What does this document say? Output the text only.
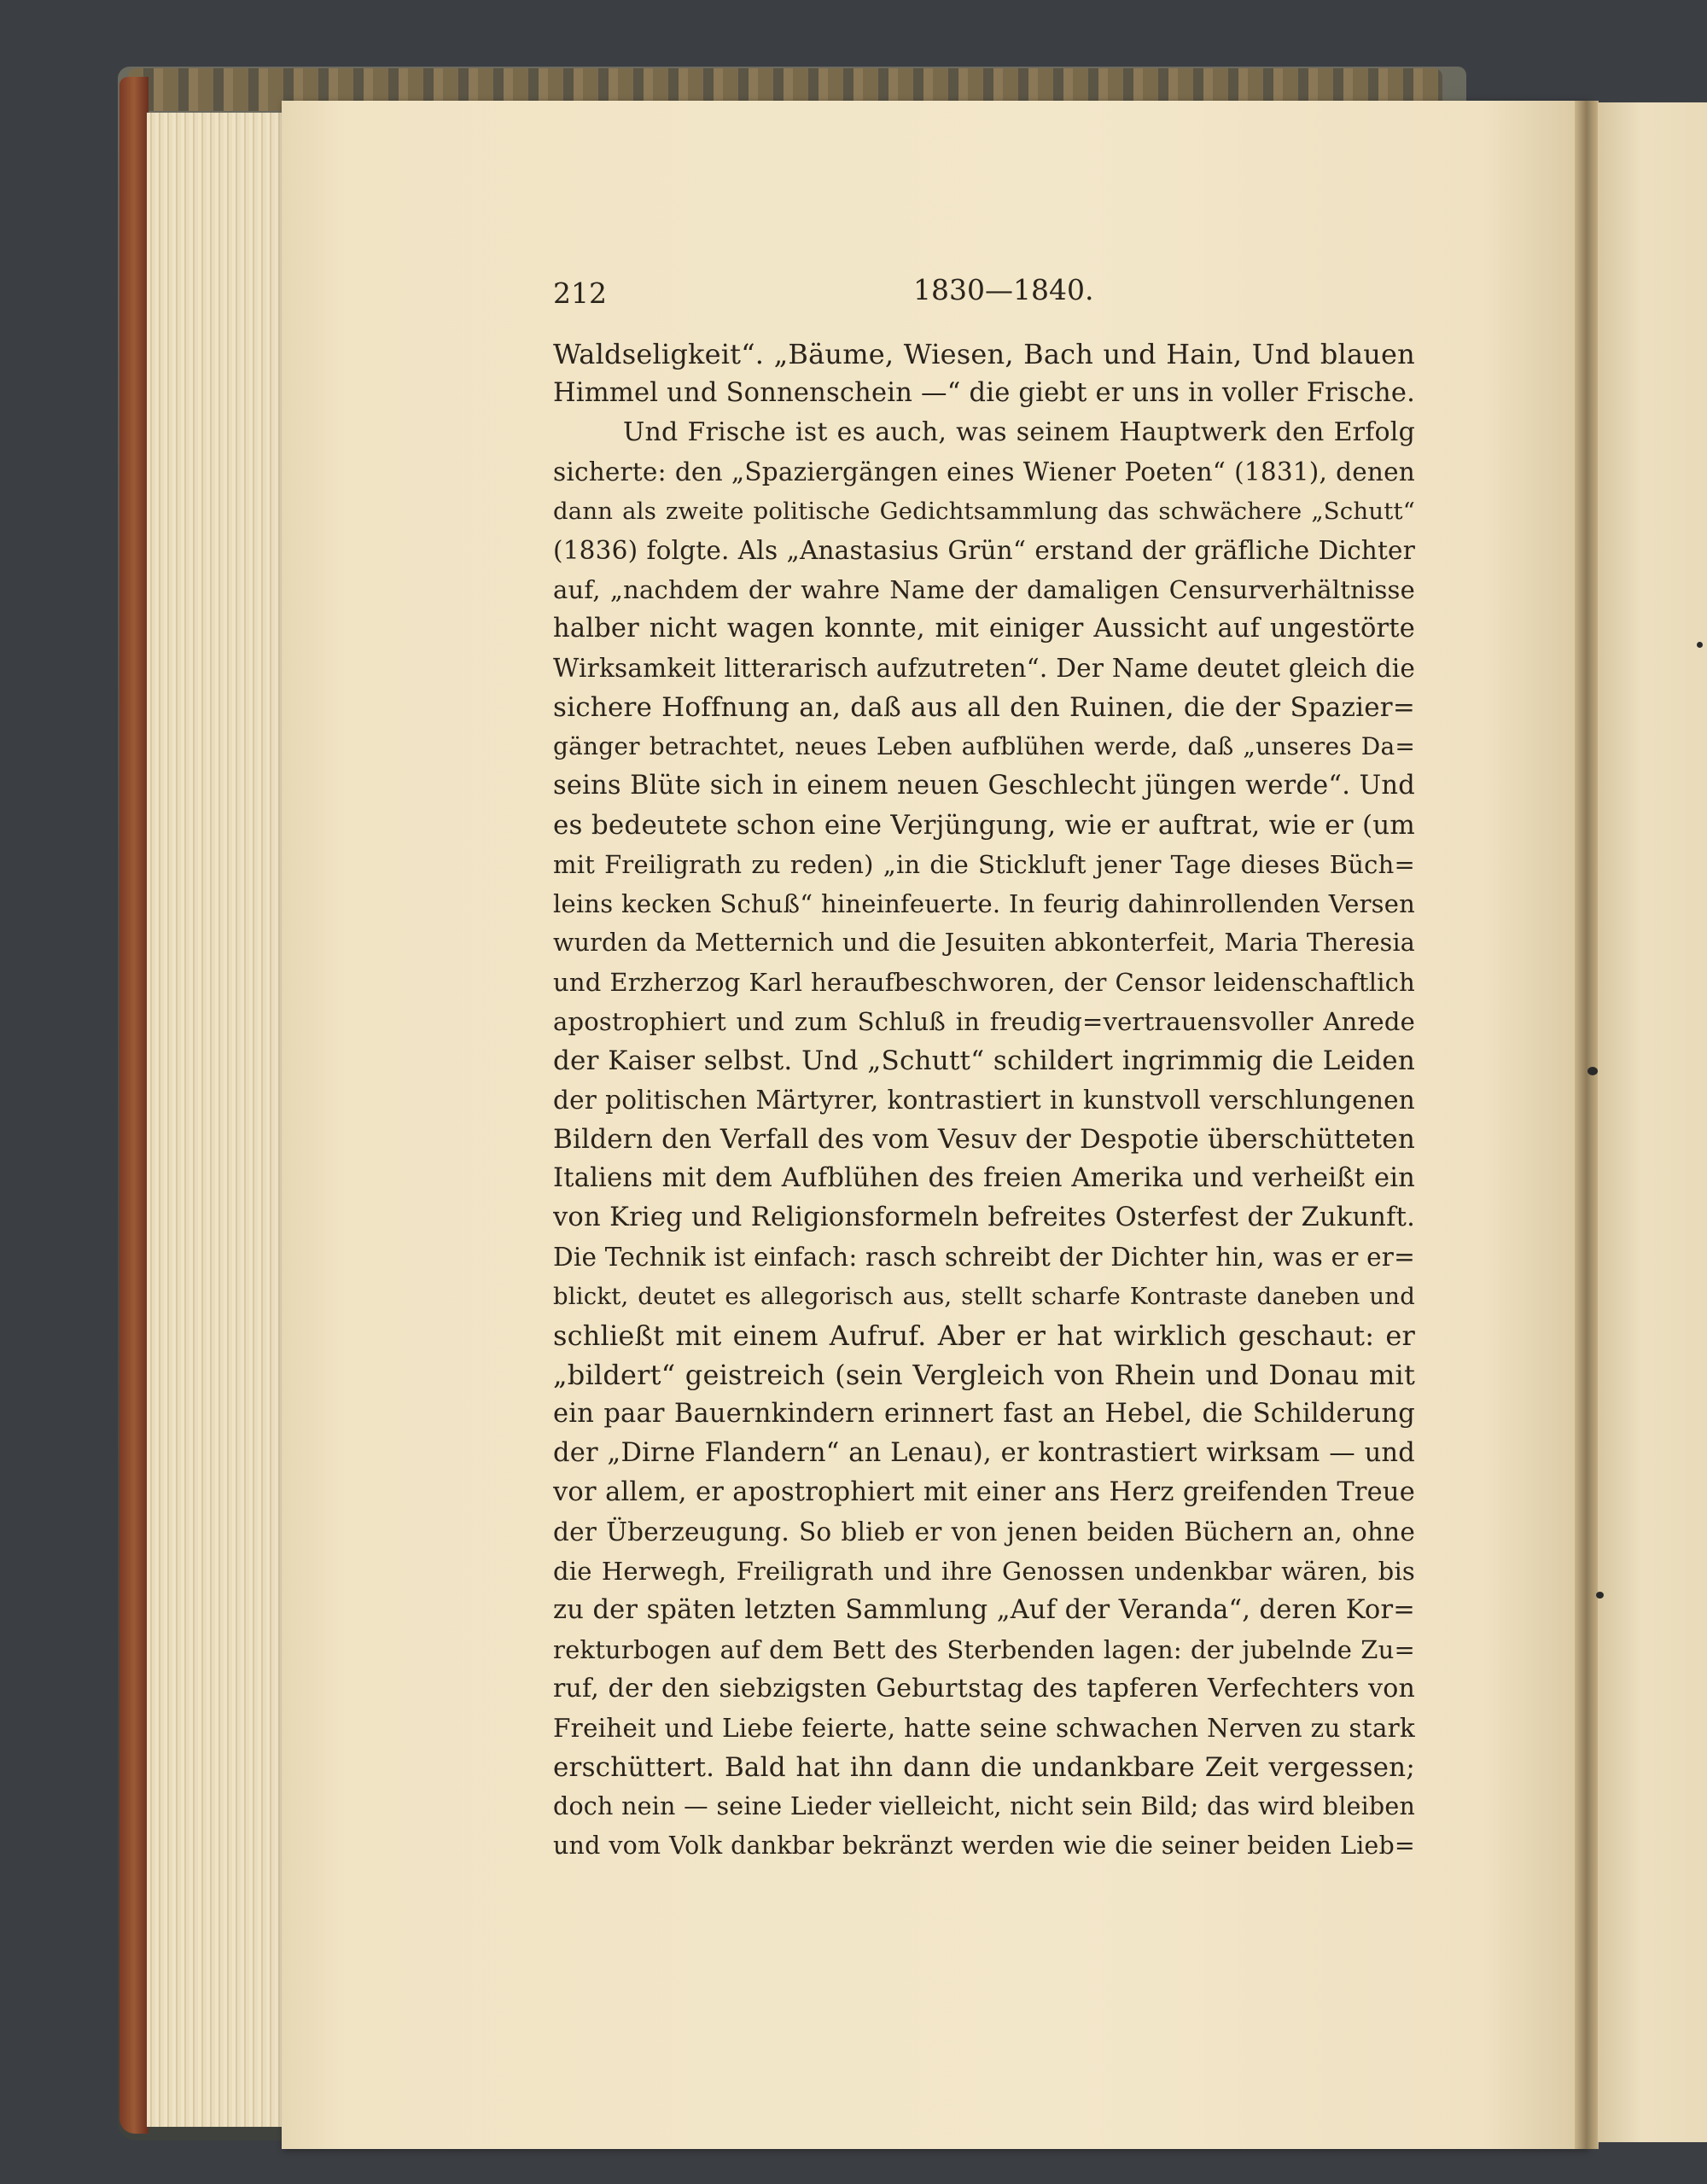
212	1830—1840.
Waldseligkeit“. „Bäume, Wiesen, Bach und Hain, Und blauen
Himmel und Sonnenschein —“ die giebt er uns in voller Frische.
Und Frische ist es auch, was seinem Hauptwerk den Erfolg
sicherte: den „Spaziergängen eines Wiener Poeten“ (1831), denen
dann als zweite politische Gedichtsammlung das schwächere „Schutt“
(1836) folgte. Als „Anastasius Grün“ erstand der gräfliche Dichter
auf, „nachdem der wahre Name der damaligen Censurverhältnisse
halber nicht wagen konnte, mit einiger Aussicht auf ungestörte
Wirksamkeit litterarisch aufzutreten“. Der Name deutet gleich die
sichere Hoffnung an, daß aus all den Ruinen, die der Spazier=
gänger betrachtet, neues Leben aufblühen werde, daß „unseres Da=
seins Blüte sich in einem neuen Geschlecht jüngen werde“. Und
es bedeutete schon eine Verjüngung, wie er auftrat, wie er (um
mit Freiligrath zu reden) „in die Stickluft jener Tage dieses Büch=
leins kecken Schuß“ hineinfeuerte. In feurig dahinrollenden Versen
wurden da Metternich und die Jesuiten abkonterfeit, Maria Theresia
und Erzherzog Karl heraufbeschworen, der Censor leidenschaftlich
apostrophiert und zum Schluß in freudig=vertrauensvoller Anrede
der Kaiser selbst. Und „Schutt“ schildert ingrimmig die Leiden
der politischen Märtyrer, kontrastiert in kunstvoll verschlungenen
Bildern den Verfall des vom Vesuv der Despotie überschütteten
Italiens mit dem Aufblühen des freien Amerika und verheißt ein
von Krieg und Religionsformeln befreites Osterfest der Zukunft.
Die Technik ist einfach: rasch schreibt der Dichter hin, was er er=
blickt, deutet es allegorisch aus, stellt scharfe Kontraste daneben und
schließt mit einem Aufruf. Aber er hat wirklich geschaut: er
„bildert“ geistreich (sein Vergleich von Rhein und Donau mit
ein paar Bauernkindern erinnert fast an Hebel, die Schilderung
der „Dirne Flandern“ an Lenau), er kontrastiert wirksam — und
vor allem, er apostrophiert mit einer ans Herz greifenden Treue
der Überzeugung. So blieb er von jenen beiden Büchern an, ohne
die Herwegh, Freiligrath und ihre Genossen undenkbar wären, bis
zu der späten letzten Sammlung „Auf der Veranda“, deren Kor=
rekturbogen auf dem Bett des Sterbenden lagen: der jubelnde Zu=
ruf, der den siebzigsten Geburtstag des tapferen Verfechters von
Freiheit und Liebe feierte, hatte seine schwachen Nerven zu stark
erschüttert. Bald hat ihn dann die undankbare Zeit vergessen;
doch nein — seine Lieder vielleicht, nicht sein Bild; das wird bleiben
und vom Volk dankbar bekränzt werden wie die seiner beiden Lieb=
